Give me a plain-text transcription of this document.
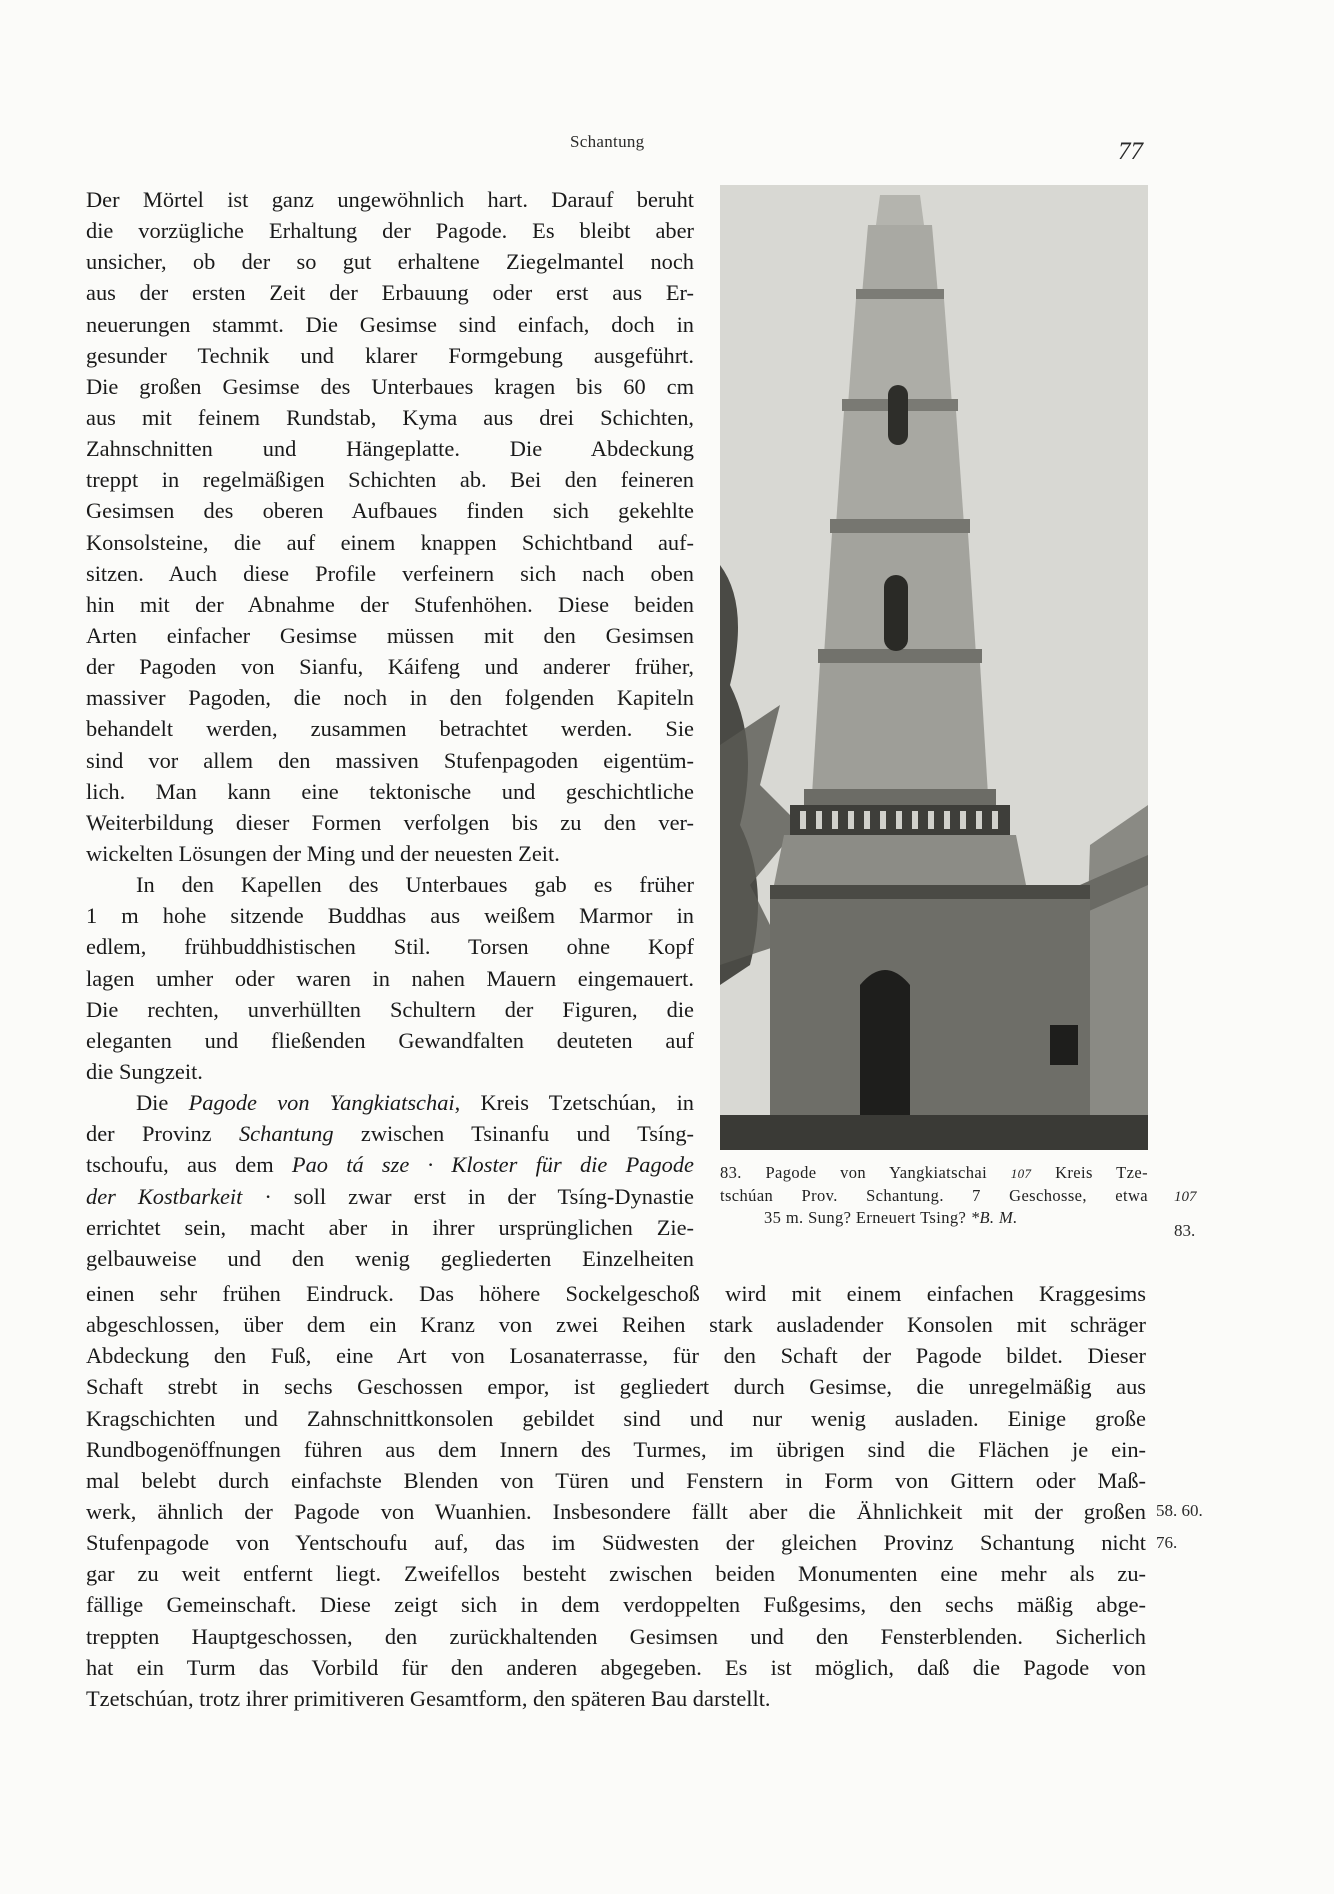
Schantung	77
Der Mörtel ist ganz ungewöhnlich hart. Darauf beruht
die vorzügliche Erhaltung der Pagode. Es bleibt aber
unsicher, ob der so gut erhaltene Ziegelmantel noch
aus der ersten Zeit der Erbauung oder erst aus Er-
neuerungen stammt. Die Gesimse sind einfach, doch in
gesunder Technik und klarer Formgebung ausgeführt.
Die großen Gesimse des Unterbaues kragen bis 60 cm
aus mit feinem Rundstab, Kyma aus drei Schichten,
Zahnschnitten und Hängeplatte. Die Abdeckung
treppt in regelmäßigen Schichten ab. Bei den feineren
Gesimsen des oberen Aufbaues finden sich gekehlte
Konsolsteine, die auf einem knappen Schichtband auf-
sitzen. Auch diese Profile verfeinern sich nach oben
hin mit der Abnahme der Stufenhöhen. Diese beiden
Arten einfacher Gesimse müssen mit den Gesimsen
der Pagoden von Sianfu, Káifeng und anderer früher,
massiver Pagoden, die noch in den folgenden Kapiteln
behandelt werden, zusammen betrachtet werden. Sie
sind vor allem den massiven Stufenpagoden eigentüm-
lich. Man kann eine tektonische und geschichtliche
Weiterbildung dieser Formen verfolgen bis zu den ver-
wickelten Lösungen der Ming und der neuesten Zeit.
In den Kapellen des Unterbaues gab es früher
1 m hohe sitzende Buddhas aus weißem Marmor in
edlem, frühbuddhistischen Stil. Torsen ohne Kopf
lagen umher oder waren in nahen Mauern eingemauert.
Die rechten, unverhüllten Schultern der Figuren, die
eleganten und fließenden Gewandfalten deuteten auf
die Sungzeit.
Die Pagode von Yangkiatschai, Kreis Tzetschúan, in
der Provinz Schantung zwischen Tsinanfu und Tsíng-
tschoufu, aus dem Pao tá sze · Kloster für die Pagode
der Kostbarkeit · soll zwar erst in der Tsíng-Dynastie
errichtet sein, macht aber in ihrer ursprünglichen Zie-
gelbauweise und den wenig gegliederten Einzelheiten
einen sehr frühen Eindruck. Das höhere Sockelgeschoß wird mit einem einfachen Kraggesims
abgeschlossen, über dem ein Kranz von zwei Reihen stark ausladender Konsolen mit schräger
Abdeckung den Fuß, eine Art von Losanaterrasse, für den Schaft der Pagode bildet. Dieser
Schaft strebt in sechs Geschossen empor, ist gegliedert durch Gesimse, die unregelmäßig aus
Kragschichten und Zahnschnittkonsolen gebildet sind und nur wenig ausladen. Einige große
Rundbogenöffnungen führen aus dem Innern des Turmes, im übrigen sind die Flächen je ein-
mal belebt durch einfachste Blenden von Türen und Fenstern in Form von Gittern oder Maß-
werk, ähnlich der Pagode von Wuanhien. Insbesondere fällt aber die Ähnlichkeit mit der großen
Stufenpagode von Yentschoufu auf, das im Südwesten der gleichen Provinz Schantung nicht
gar zu weit entfernt liegt. Zweifellos besteht zwischen beiden Monumenten eine mehr als zu-
fällige Gemeinschaft. Diese zeigt sich in dem verdoppelten Fußgesims, den sechs mäßig abge-
treppten Hauptgeschossen, den zurückhaltenden Gesimsen und den Fensterblenden. Sicherlich
hat ein Turm das Vorbild für den anderen abgegeben. Es ist möglich, daß die Pagode von
Tzetschúan, trotz ihrer primitiveren Gesamtform, den späteren Bau darstellt.
83. Pagode von Yangkiatschai 107 Kreis Tze-
tschúan Prov. Schantung. 7 Geschosse, etwa
35 m. Sung? Erneuert Tsing? *B. M.
107
83.
58. 60.
76.
